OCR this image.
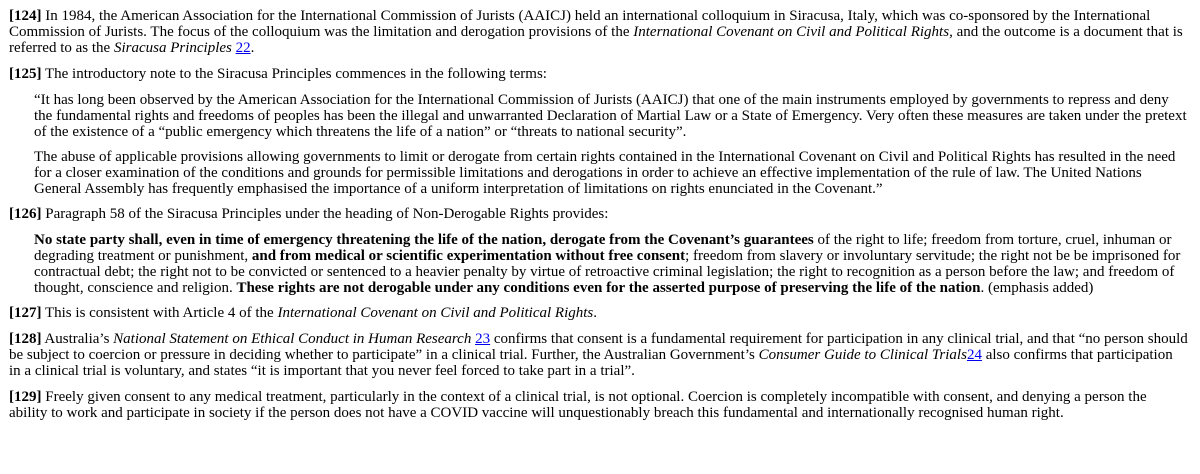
[124] In 1984, the American Association for the International Commission of Jurists (AAICJ) held an international colloquium in Siracusa, Italy, which was co-sponsored by the International Commission of Jurists. The focus of the colloquium was the limitation and derogation provisions of the International Covenant on Civil and Political Rights, and the outcome is a document that is referred to as the Siracusa Principles 22.

[125] The introductory note to the Siracusa Principles commences in the following terms:

“It has long been observed by the American Association for the International Commission of Jurists (AAICJ) that one of the main instruments employed by governments to repress and deny the fundamental rights and freedoms of peoples has been the illegal and unwarranted Declaration of Martial Law or a State of Emergency. Very often these measures are taken under the pretext of the existence of a “public emergency which threatens the life of a nation” or “threats to national security”.

The abuse of applicable provisions allowing governments to limit or derogate from certain rights contained in the International Covenant on Civil and Political Rights has resulted in the need for a closer examination of the conditions and grounds for permissible limitations and derogations in order to achieve an effective implementation of the rule of law. The United Nations General Assembly has frequently emphasised the importance of a uniform interpretation of limitations on rights enunciated in the Covenant.”

[126] Paragraph 58 of the Siracusa Principles under the heading of Non-Derogable Rights provides:

No state party shall, even in time of emergency threatening the life of the nation, derogate from the Covenant’s guarantees of the right to life; freedom from torture, cruel, inhuman or degrading treatment or punishment, and from medical or scientific experimentation without free consent; freedom from slavery or involuntary servitude; the right not be be imprisoned for contractual debt; the right not to be convicted or sentenced to a heavier penalty by virtue of retroactive criminal legislation; the right to recognition as a person before the law; and freedom of thought, conscience and religion. These rights are not derogable under any conditions even for the asserted purpose of preserving the life of the nation. (emphasis added)

[127] This is consistent with Article 4 of the International Covenant on Civil and Political Rights.

[128] Australia’s National Statement on Ethical Conduct in Human Research 23 confirms that consent is a fundamental requirement for participation in any clinical trial, and that “no person should be subject to coercion or pressure in deciding whether to participate” in a clinical trial. Further, the Australian Government’s Consumer Guide to Clinical Trials24 also confirms that participation in a clinical trial is voluntary, and states “it is important that you never feel forced to take part in a trial”.

[129] Freely given consent to any medical treatment, particularly in the context of a clinical trial, is not optional. Coercion is completely incompatible with consent, and denying a person the ability to work and participate in society if the person does not have a COVID vaccine will unquestionably breach this fundamental and internationally recognised human right.
